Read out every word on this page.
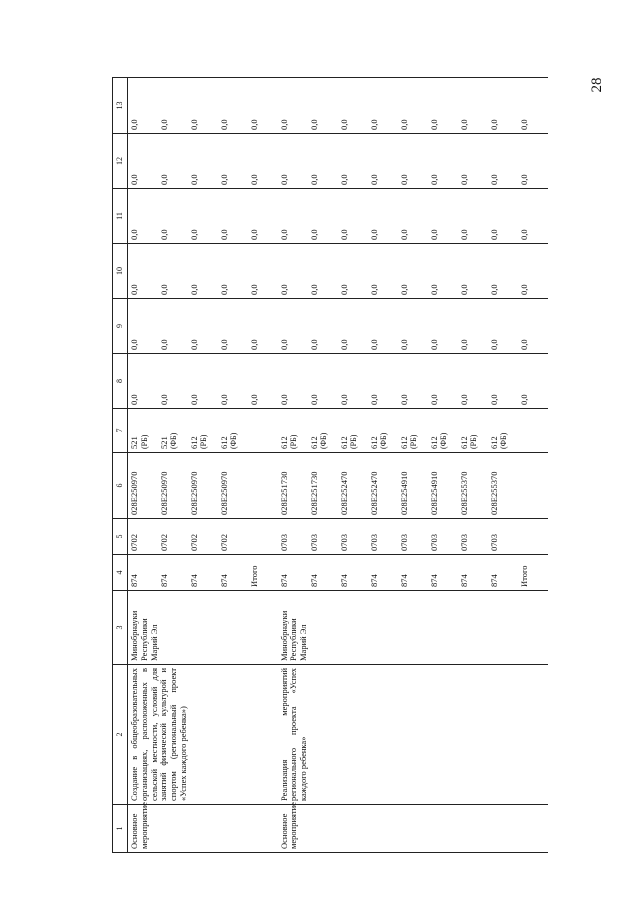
28
1	2	3	4	5	6	7	8	9	10	11	12	13
Основное мероприятие	Создание в общеобразовательных организациях, расположенных в сельской местности, условий для занятий физической культурой и спортом (региональный проект «Успех каждого ребенка»)	Минобрнауки Республики Марий Эл	874	0702	028E250970	521 (РБ)	0,0	0,0	0,0	0,0	0,0	0,0
			874	0702	028E250970	521 (ФБ)	0,0	0,0	0,0	0,0	0,0	0,0
			874	0702	028E250970	612 (РБ)	0,0	0,0	0,0	0,0	0,0	0,0
			874	0702	028E250970	612 (ФБ)	0,0	0,0	0,0	0,0	0,0	0,0
			Итого				0,0	0,0	0,0	0,0	0,0	0,0
Основное мероприятие	Реализация мероприятий регионального проекта «Успех каждого ребенка»	Минобрнауки Республики Марий Эл	874	0703	028E251730	612 (РБ)	0,0	0,0	0,0	0,0	0,0	0,0
			874	0703	028E251730	612 (ФБ)	0,0	0,0	0,0	0,0	0,0	0,0
			874	0703	028E252470	612 (РБ)	0,0	0,0	0,0	0,0	0,0	0,0
			874	0703	028E252470	612 (ФБ)	0,0	0,0	0,0	0,0	0,0	0,0
			874	0703	028E254910	612 (РБ)	0,0	0,0	0,0	0,0	0,0	0,0
			874	0703	028E254910	612 (ФБ)	0,0	0,0	0,0	0,0	0,0	0,0
			874	0703	028E255370	612 (РБ)	0,0	0,0	0,0	0,0	0,0	0,0
			874	0703	028E255370	612 (ФБ)	0,0	0,0	0,0	0,0	0,0	0,0
			Итого				0,0	0,0	0,0	0,0	0,0	0,0
